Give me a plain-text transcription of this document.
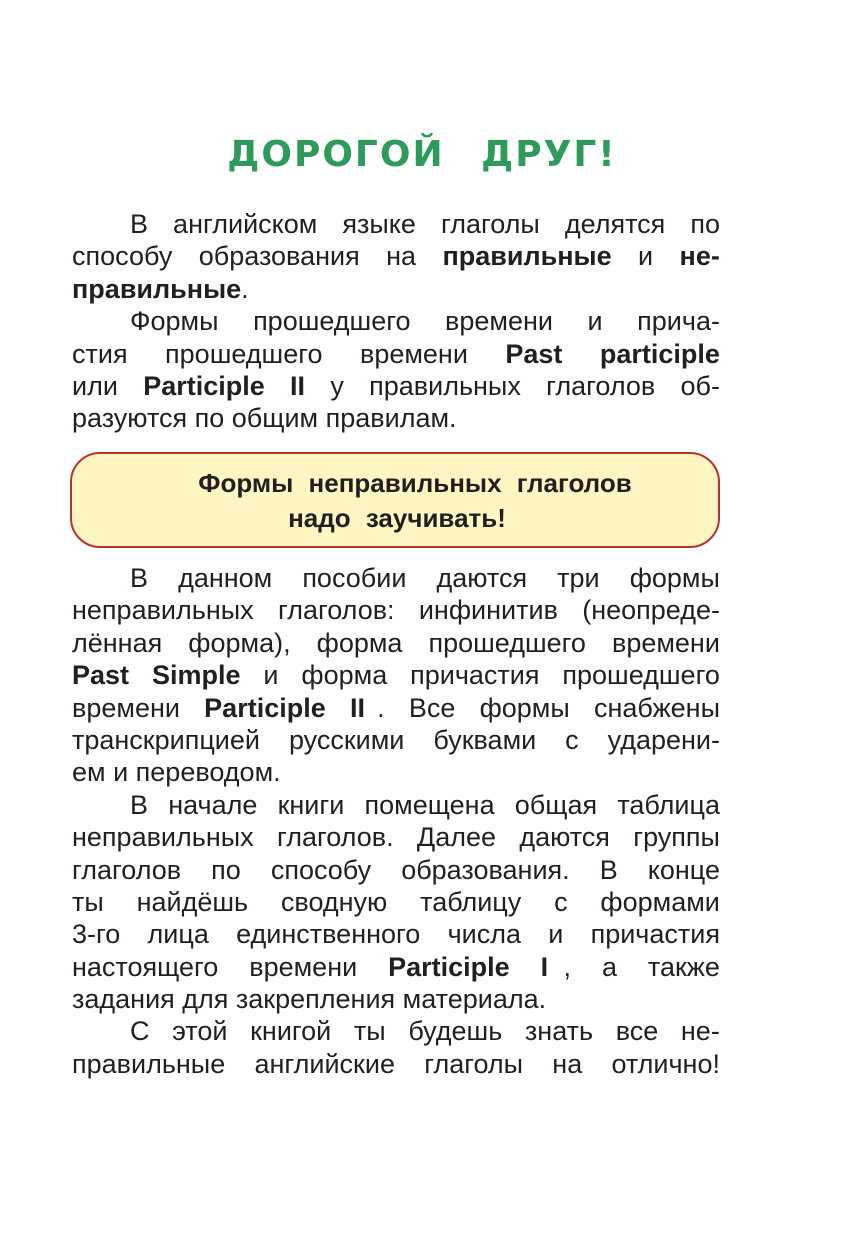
ДОРОГОЙ ДРУГ!
В английском языке глаголы делятся по
способу образования на правильные и не-
правильные.
Формы прошедшего времени и прича-
стия прошедшего времени Past participle
или Participle II у правильных глаголов об-
разуются по общим правилам.

Формы неправильных глаголов

надо заучивать!

В данном пособии даются три формы
неправильных глаголов: инфинитив (неопреде-
лённая форма), форма прошедшего времени
Past Simple и форма причастия прошедшего
времени Participle II . Все формы снабжены
транскрипцией русскими буквами с ударени-
ем и переводом.
В начале книги помещена общая таблица
неправильных глаголов. Далее даются группы
глаголов по способу образования. В конце
ты найдёшь сводную таблицу с формами
3-го лица единственного числа и причастия
настоящего времени Participle I , а также
задания для закрепления материала.
С этой книгой ты будешь знать все не-
правильные английские глаголы на отлично!
